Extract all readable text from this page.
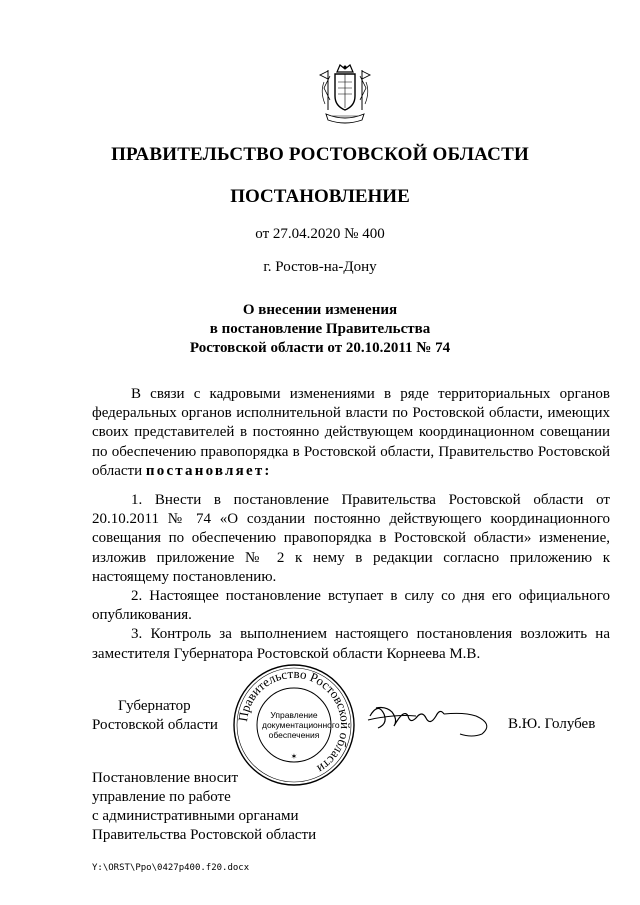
ПРАВИТЕЛЬСТВО РОСТОВСКОЙ ОБЛАСТИ
ПОСТАНОВЛЕНИЕ
от 27.04.2020 № 400
г. Ростов-на-Дону
О внесении изменения
в постановление Правительства
Ростовской области от 20.10.2011 № 74

В связи с кадровыми изменениями в ряде территориальных органов федеральных органов исполнительной власти по Ростовской области, имеющих своих представителей в постоянно действующем координационном совещании по обеспечению правопорядка в Ростовской области, Правительство Ростовской области постановляет:

1. Внести в постановление Правительства Ростовской области от 20.10.2011 № 74 «О создании постоянно действующего координационного совещания по обеспечению правопорядка в Ростовской области» изменение, изложив приложение № 2 к нему в редакции согласно приложению к настоящему постановлению.

2. Настоящее постановление вступает в силу со дня его официального опубликования.

3. Контроль за выполнением настоящего постановления возложить на заместителя Губернатора Ростовской области Корнеева М.В.

Губернатор
Ростовской области
Правительство Ростовской области
✶
Управление
документационного
обеспечения
В.Ю. Голубев
Постановление вносит
управление по работе
с административными органами
Правительства Ростовской области
Y:\ORST\Ppo\0427p400.f20.docx
